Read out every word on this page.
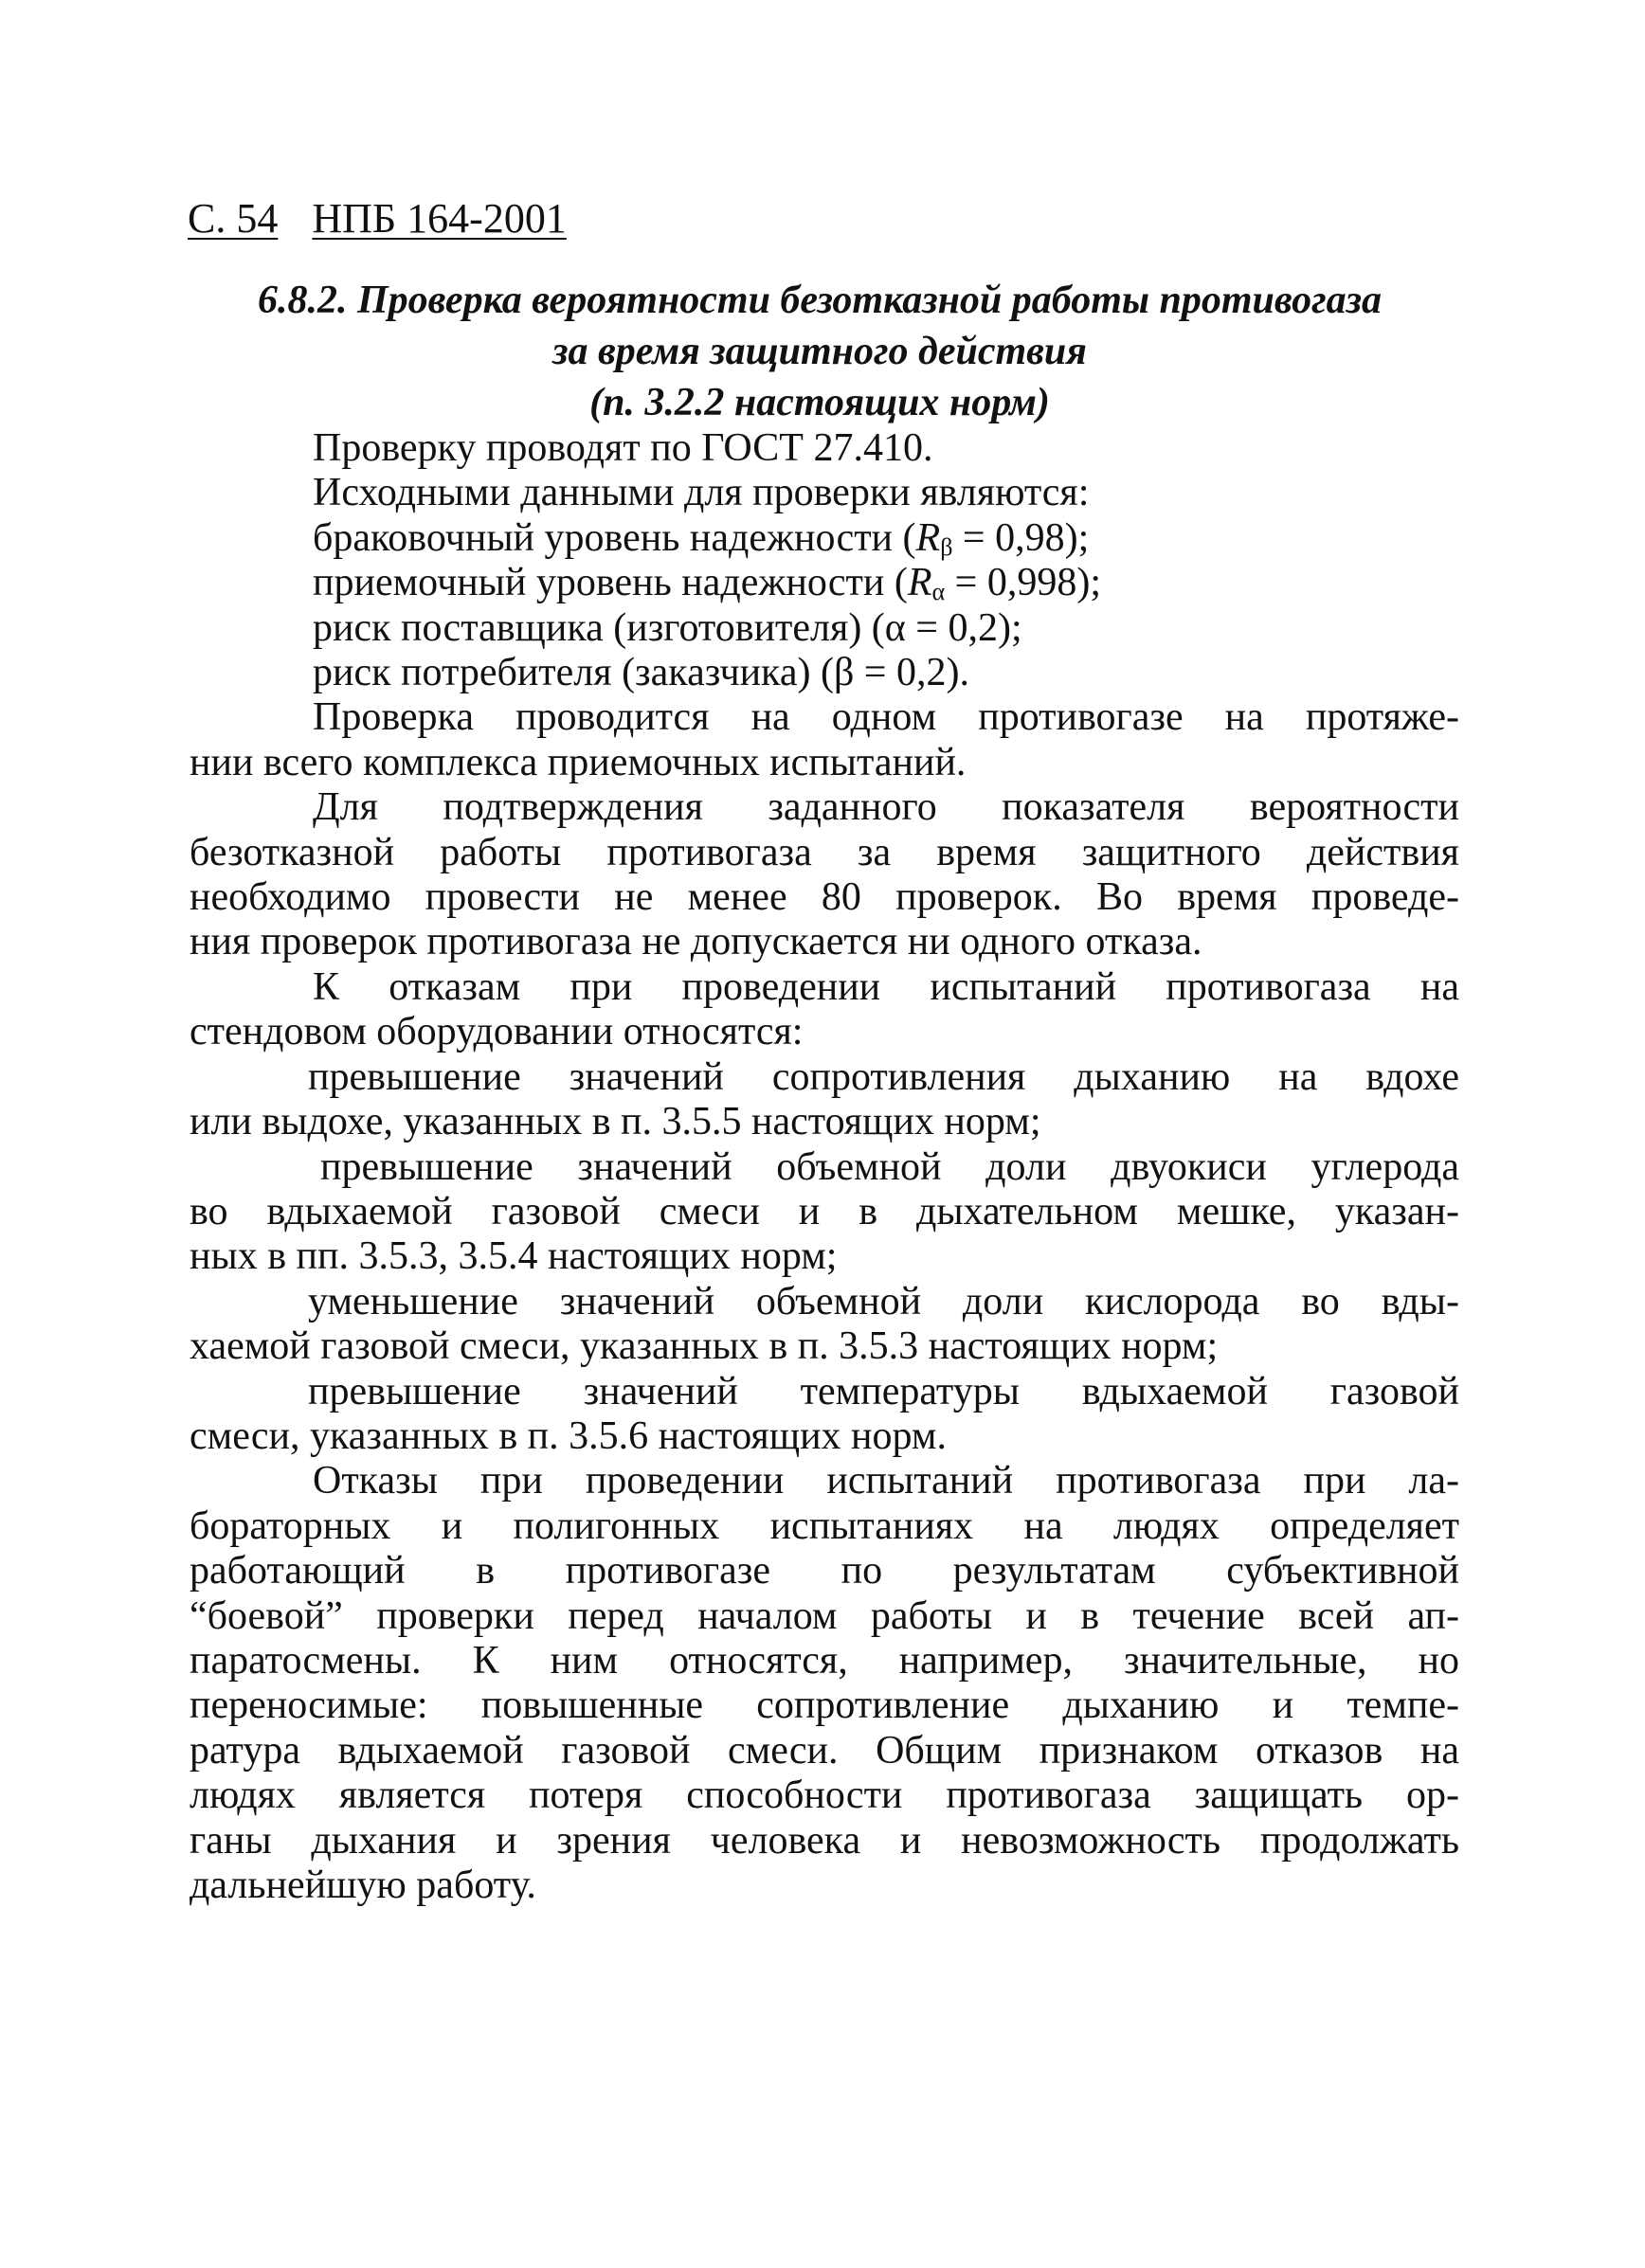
С. 54 НПБ 164-2001
6.8.2. Проверка вероятности безотказной работы противогаза
за время защитного действия
(п. 3.2.2 настоящих норм)
Проверку проводят по ГОСТ 27.410.
Исходными данными для проверки являются:
браковочный уровень надежности $(R_\beta = 0,98)$;
приемочный уровень надежности $(R_\alpha = 0,998)$;
риск поставщика (изготовителя) (α = 0,2);
риск потребителя (заказчика) (β = 0,2).
Проверка проводится на одном противогазе на протяже-
нии всего комплекса приемочных испытаний.
Для подтверждения заданного показателя вероятности
безотказной работы противогаза за время защитного действия
необходимо провести не менее 80 проверок. Во время проведе-
ния проверок противогаза не допускается ни одного отказа.
К отказам при проведении испытаний противогаза на
стендовом оборудовании относятся:
превышение значений сопротивления дыханию на вдохе
или выдохе, указанных в п. 3.5.5 настоящих норм;
превышение значений объемной доли двуокиси углерода
во вдыхаемой газовой смеси и в дыхательном мешке, указан-
ных в пп. 3.5.3, 3.5.4 настоящих норм;
уменьшение значений объемной доли кислорода во вды-
хаемой газовой смеси, указанных в п. 3.5.3 настоящих норм;
превышение значений температуры вдыхаемой газовой
смеси, указанных в п. 3.5.6 настоящих норм.
Отказы при проведении испытаний противогаза при ла-
бораторных и полигонных испытаниях на людях определяет
работающий в противогазе по результатам субъективной
“боевой” проверки перед началом работы и в течение всей ап-
паратосмены. К ним относятся, например, значительные, но
переносимые: повышенные сопротивление дыханию и темпе-
ратура вдыхаемой газовой смеси. Общим признаком отказов на
людях является потеря способности противогаза защищать ор-
ганы дыхания и зрения человека и невозможность продолжать
дальнейшую работу.
